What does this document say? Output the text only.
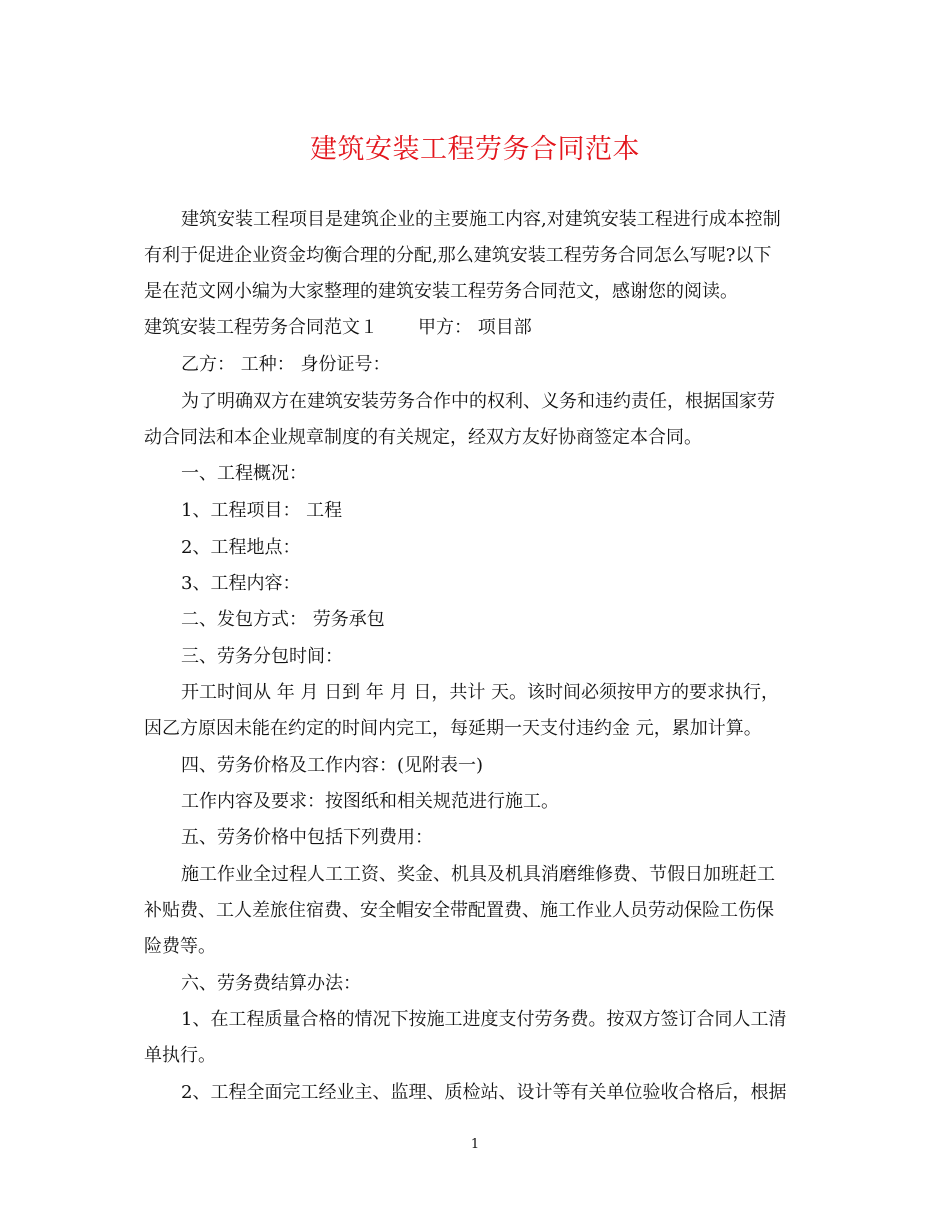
建筑安装工程劳务合同范本
建筑安装工程项目是建筑企业的主要施工内容,对建筑安装工程进行成本控制
有利于促进企业资金均衡合理的分配,那么建筑安装工程劳务合同怎么写呢?以下
是在范文网小编为大家整理的建筑安装工程劳务合同范文，感谢您的阅读。
建筑安装工程劳务合同范文１ 甲方： 项目部
乙方： 工种： 身份证号：
为了明确双方在建筑安装劳务合作中的权利、义务和违约责任，根据国家劳
动合同法和本企业规章制度的有关规定，经双方友好协商签定本合同。
一、工程概况：
1、工程项目： 工程
2、工程地点：
3、工程内容：
二、发包方式： 劳务承包
三、劳务分包时间：
开工时间从 年 月 日到 年 月 日，共计 天。该时间必须按甲方的要求执行，
因乙方原因未能在约定的时间内完工，每延期一天支付违约金 元，累加计算。
四、劳务价格及工作内容：(见附表一)
工作内容及要求：按图纸和相关规范进行施工。
五、劳务价格中包括下列费用：
施工作业全过程人工工资、奖金、机具及机具消磨维修费、节假日加班赶工
补贴费、工人差旅住宿费、安全帽安全带配置费、施工作业人员劳动保险工伤保
险费等。
六、劳务费结算办法：
1、在工程质量合格的情况下按施工进度支付劳务费。按双方签订合同人工清
单执行。
2、工程全面完工经业主、监理、质检站、设计等有关单位验收合格后，根据
1
